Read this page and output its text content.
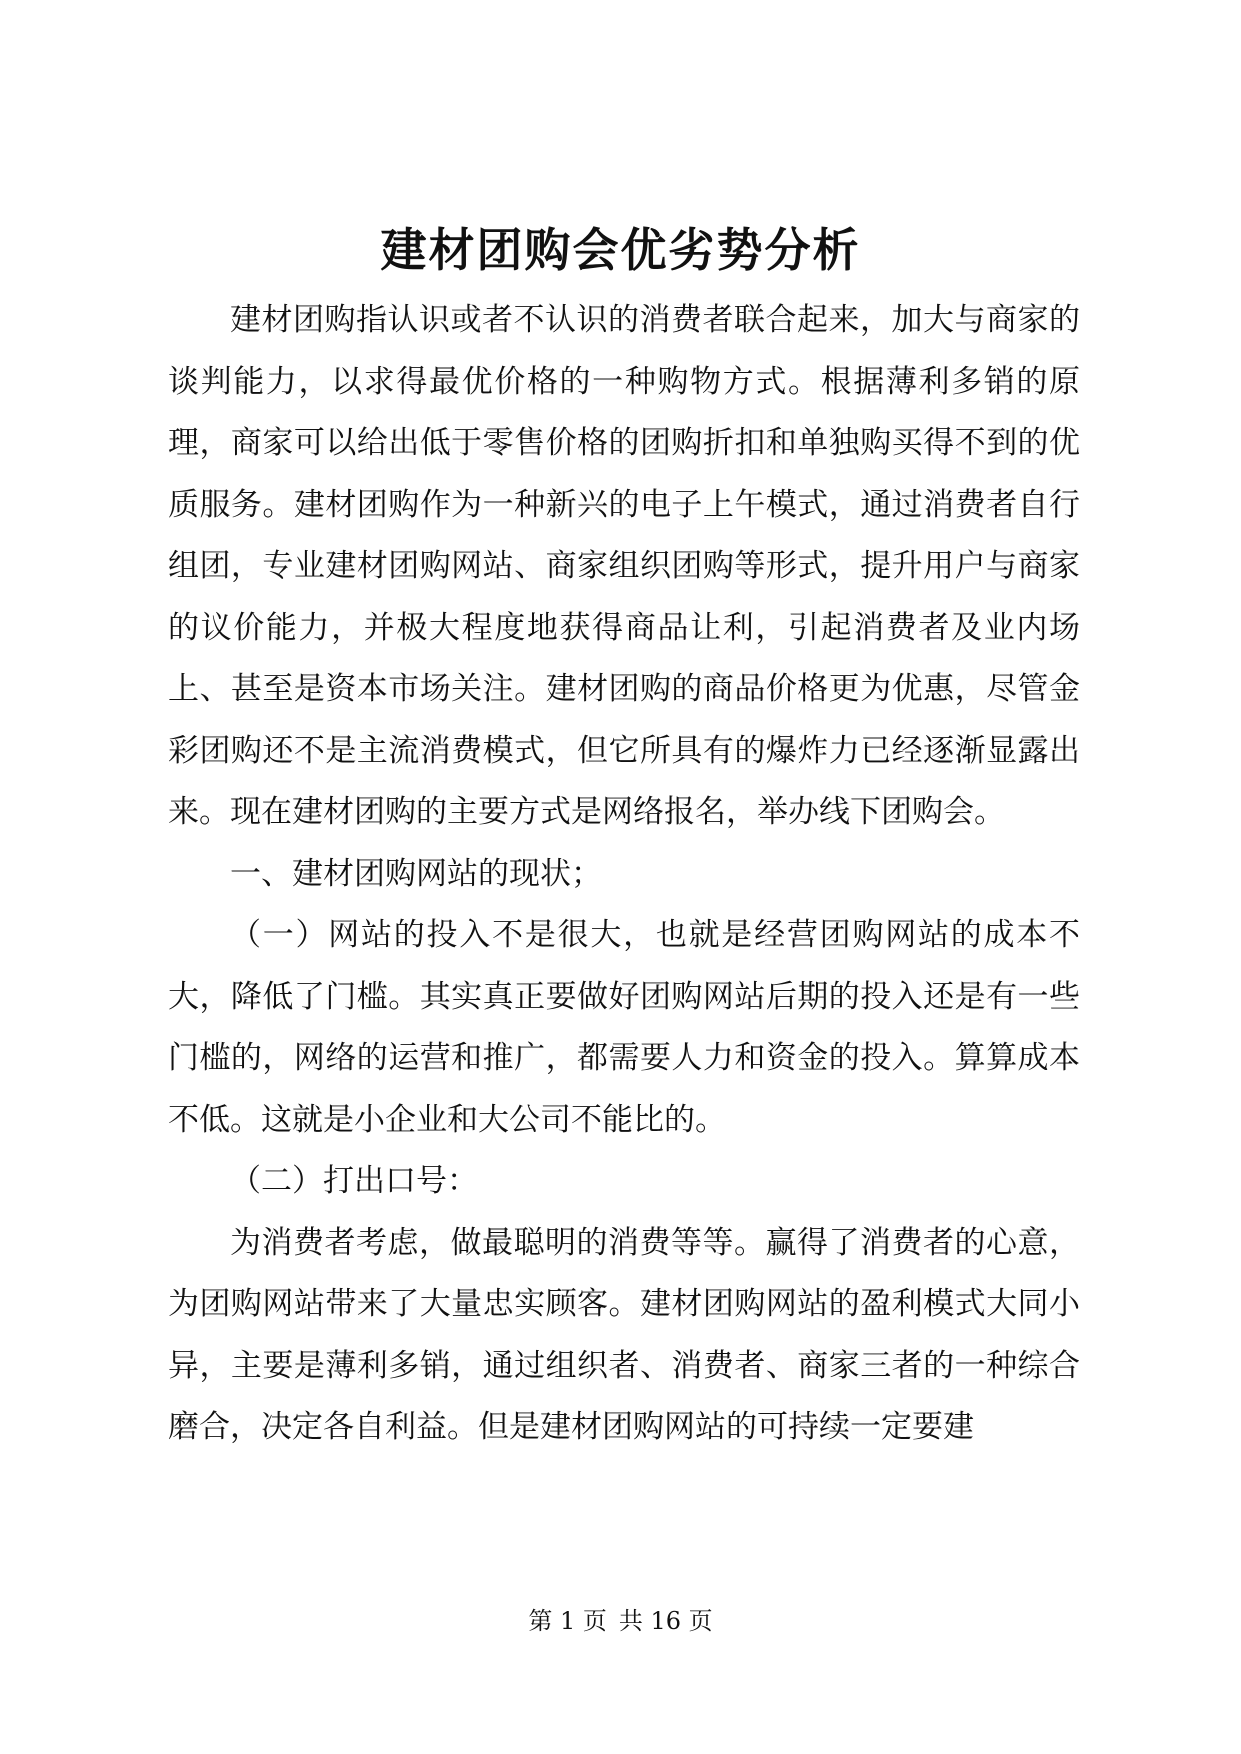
建材团购会优劣势分析

建材团购指认识或者不认识的消费者联合起来，加大与商家的谈判能力，以求得最优价格的一种购物方式。根据薄利多销的原理，商家可以给出低于零售价格的团购折扣和单独购买得不到的优质服务。建材团购作为一种新兴的电子上午模式，通过消费者自行组团，专业建材团购网站、商家组织团购等形式，提升用户与商家的议价能力，并极大程度地获得商品让利，引起消费者及业内场上、甚至是资本市场关注。建材团购的商品价格更为优惠，尽管金彩团购还不是主流消费模式，但它所具有的爆炸力已经逐渐显露出来。现在建材团购的主要方式是网络报名，举办线下团购会。

一、建材团购网站的现状；

（一）网站的投入不是很大，也就是经营团购网站的成本不大，降低了门槛。其实真正要做好团购网站后期的投入还是有一些门槛的，网络的运营和推广，都需要人力和资金的投入。算算成本不低。这就是小企业和大公司不能比的。

（二）打出口号：

为消费者考虑，做最聪明的消费等等。赢得了消费者的心意，为团购网站带来了大量忠实顾客。建材团购网站的盈利模式大同小异，主要是薄利多销，通过组织者、消费者、商家三者的一种综合磨合，决定各自利益。但是建材团购网站的可持续一定要建

第 1 页 共 16 页
